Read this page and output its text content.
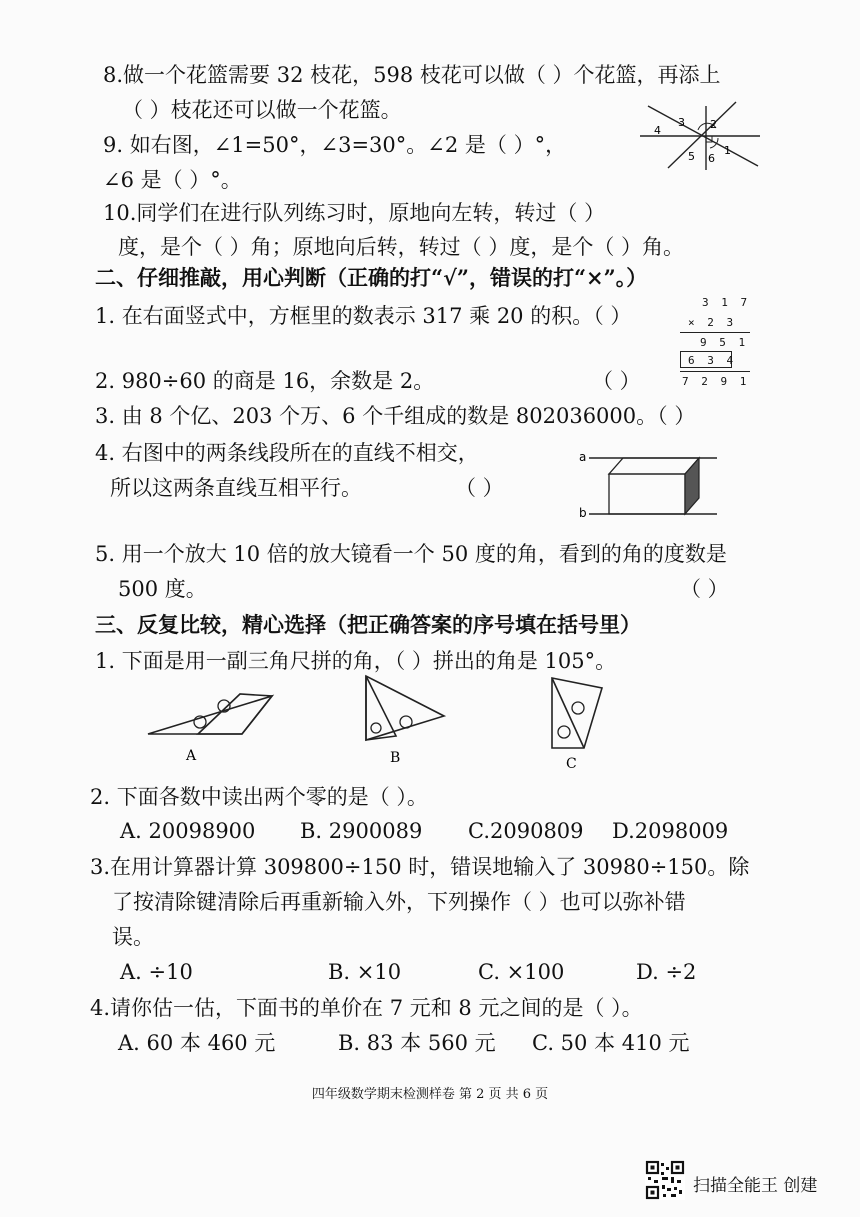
8.做一个花篮需要 32 枝花，598 枝花可以做（ ）个花篮，再添上
（ ）枝花还可以做一个花篮。
9. 如右图，∠1=50°，∠3=30°。∠2 是（ ）°，
∠6 是（ ）°。
4
3 2
5 6
1
10.同学们在进行队列练习时，原地向左转，转过（ ）
度，是个（ ）角；原地向后转，转过（ ）度，是个（ ）角。
二、仔细推敲，用心判断（正确的打“√”，错误的打“×”。）
1. 在右面竖式中，方框里的数表示 317 乘 20 的积。（ ）
3 1 7
× 2 3
9 5 1
6 3 4
7 2 9 1
2. 980÷60 的商是 16，余数是 2。	（ ）
3. 由 8 个亿、203 个万、6 个千组成的数是 802036000。（ ）
4. 右图中的两条线段所在的直线不相交，
所以这两条直线互相平行。	（ ）
a
b
5. 用一个放大 10 倍的放大镜看一个 50 度的角，看到的角的度数是
500 度。	（ ）
三、反复比较，精心选择（把正确答案的序号填在括号里）
1. 下面是用一副三角尺拼的角，（ ）拼出的角是 105°。
A	B	C
2. 下面各数中读出两个零的是（ ）。
A. 20098900 B. 2900089 C.2090809 D.2098009
3.在用计算器计算 309800÷150 时，错误地输入了 30980÷150。除
了按清除键清除后再重新输入外，下列操作（ ）也可以弥补错
误。
A. ÷10	B. ×10	C. ×100	D. ÷2
4.请你估一估，下面书的单价在 7 元和 8 元之间的是（ ）。
A. 60 本 460 元	B. 83 本 560 元 C. 50 本 410 元
四年级数学期末检测样卷 第 2 页 共 6 页
扫描全能王 创建
